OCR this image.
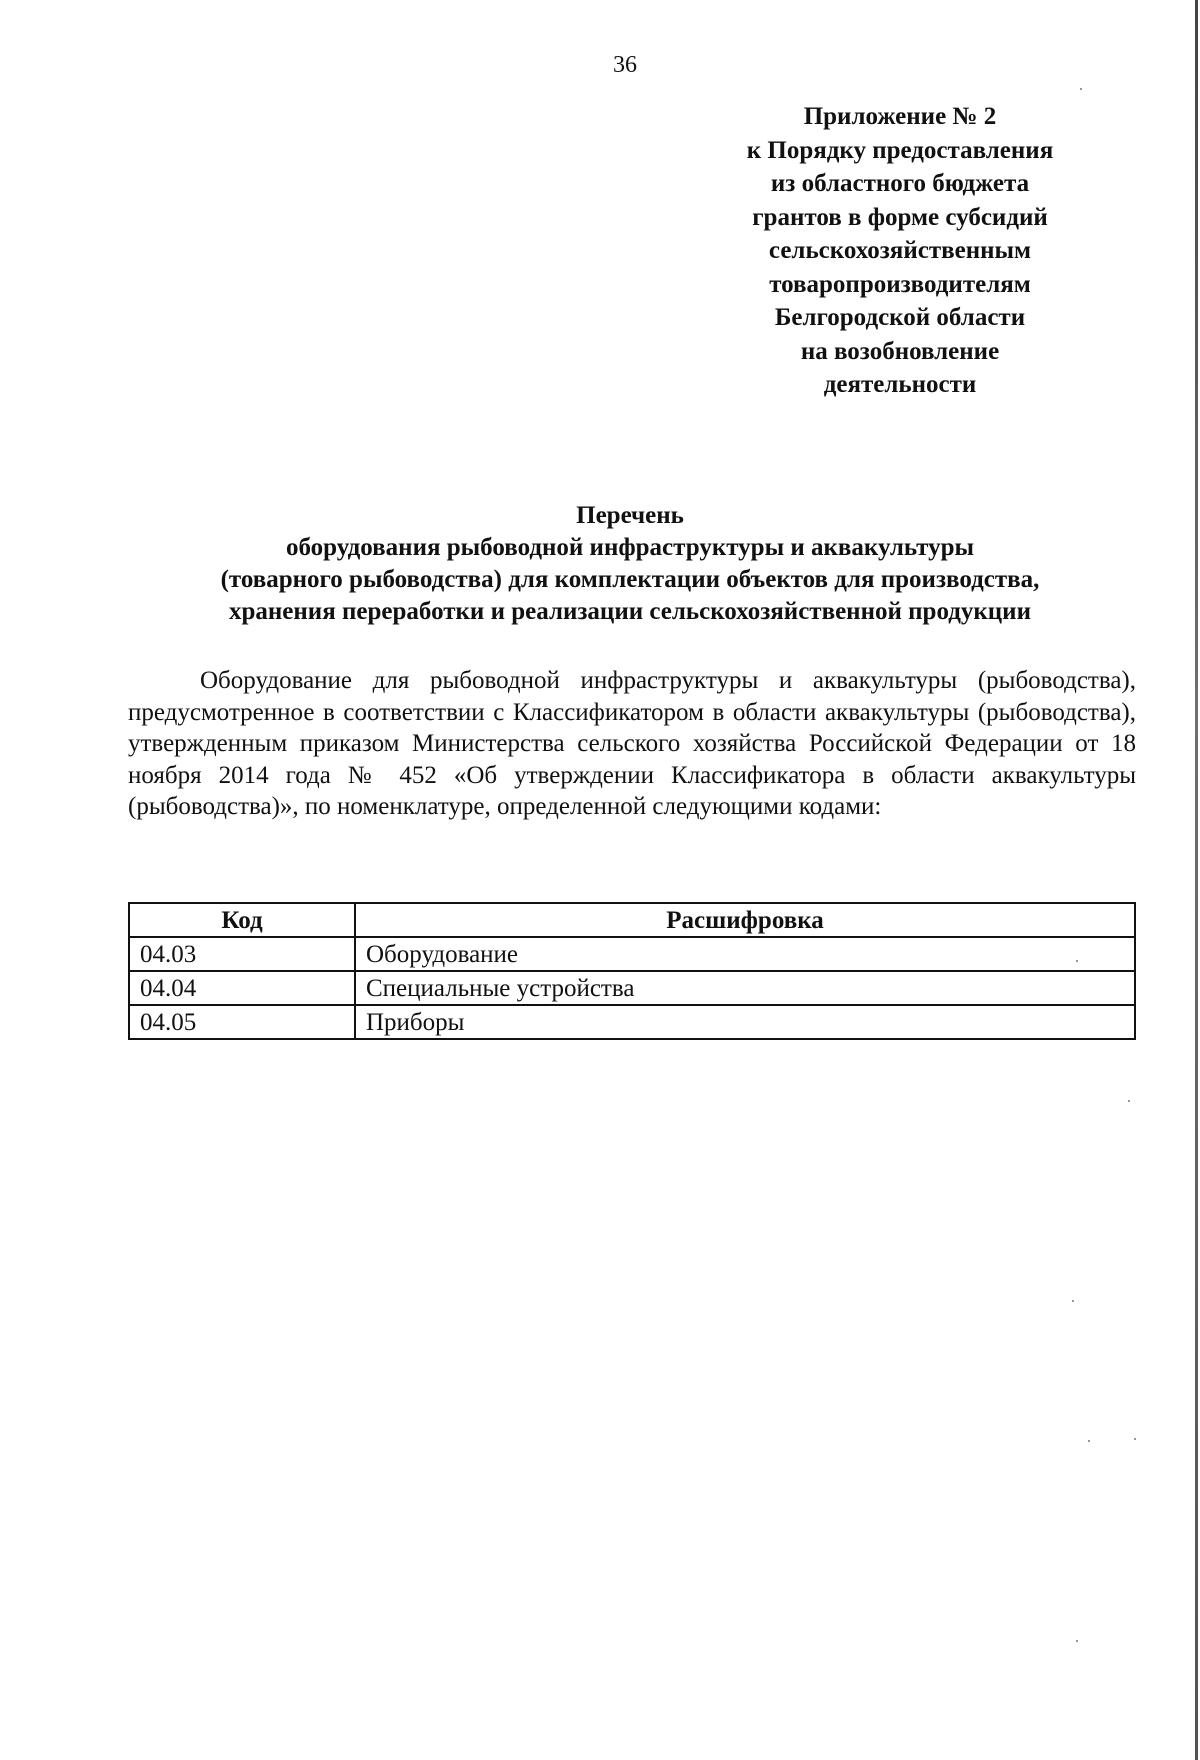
36
Приложение № 2
к Порядку предоставления
из областного бюджета
грантов в форме субсидий
сельскохозяйственным
товаропроизводителям
Белгородской области
на возобновление
деятельности
Перечень
оборудования рыбоводной инфраструктуры и аквакультуры
(товарного рыбоводства) для комплектации объектов для производства,
хранения переработки и реализации сельскохозяйственной продукции

Оборудование для рыбоводной инфраструктуры и аквакультуры (рыбоводства), предусмотренное в соответствии с Классификатором в области аквакультуры (рыбоводства), утвержденным приказом Министерства сельского хозяйства Российской Федерации от 18 ноября 2014 года № 452 «Об утверждении Классификатора в области аквакультуры (рыбоводства)», по номенклатуре, определенной следующими кодами:

Код	Расшифровка
04.03	Оборудование
04.04	Специальные устройства
04.05	Приборы
